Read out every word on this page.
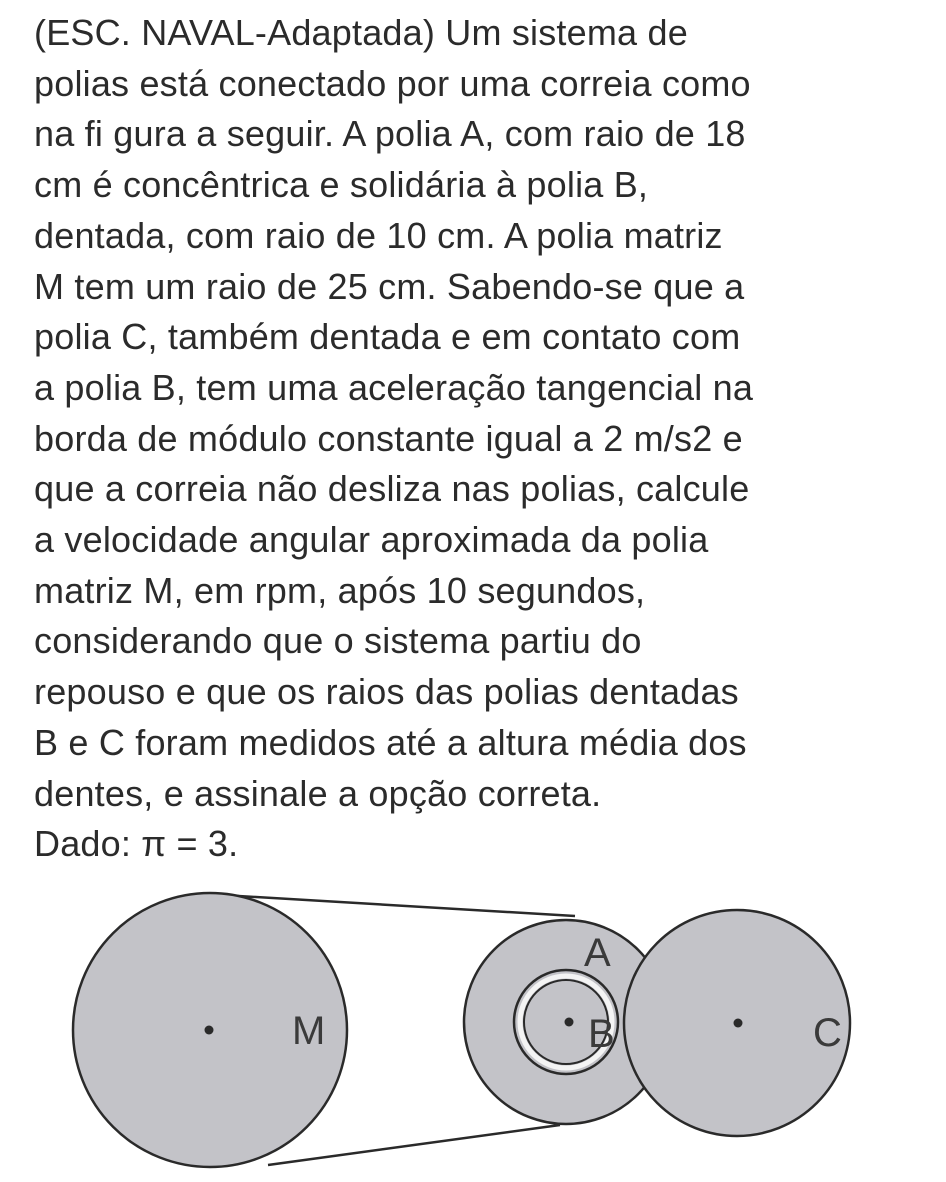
(ESC. NAVAL-Adaptada) Um sistema de
polias está conectado por uma correia como
na fi gura a seguir. A polia A, com raio de 18
cm é concêntrica e solidária à polia B,
dentada, com raio de 10 cm. A polia matriz
M tem um raio de 25 cm. Sabendo-se que a
polia C, também dentada e em contato com
a polia B, tem uma aceleração tangencial na
borda de módulo constante igual a 2 m/s2 e
que a correia não desliza nas polias, calcule
a velocidade angular aproximada da polia
matriz M, em rpm, após 10 segundos,
considerando que o sistema partiu do
repouso e que os raios das polias dentadas
B e C foram medidos até a altura média dos
dentes, e assinale a opção correta.
Dado: π = 3.
M	C
B
A
